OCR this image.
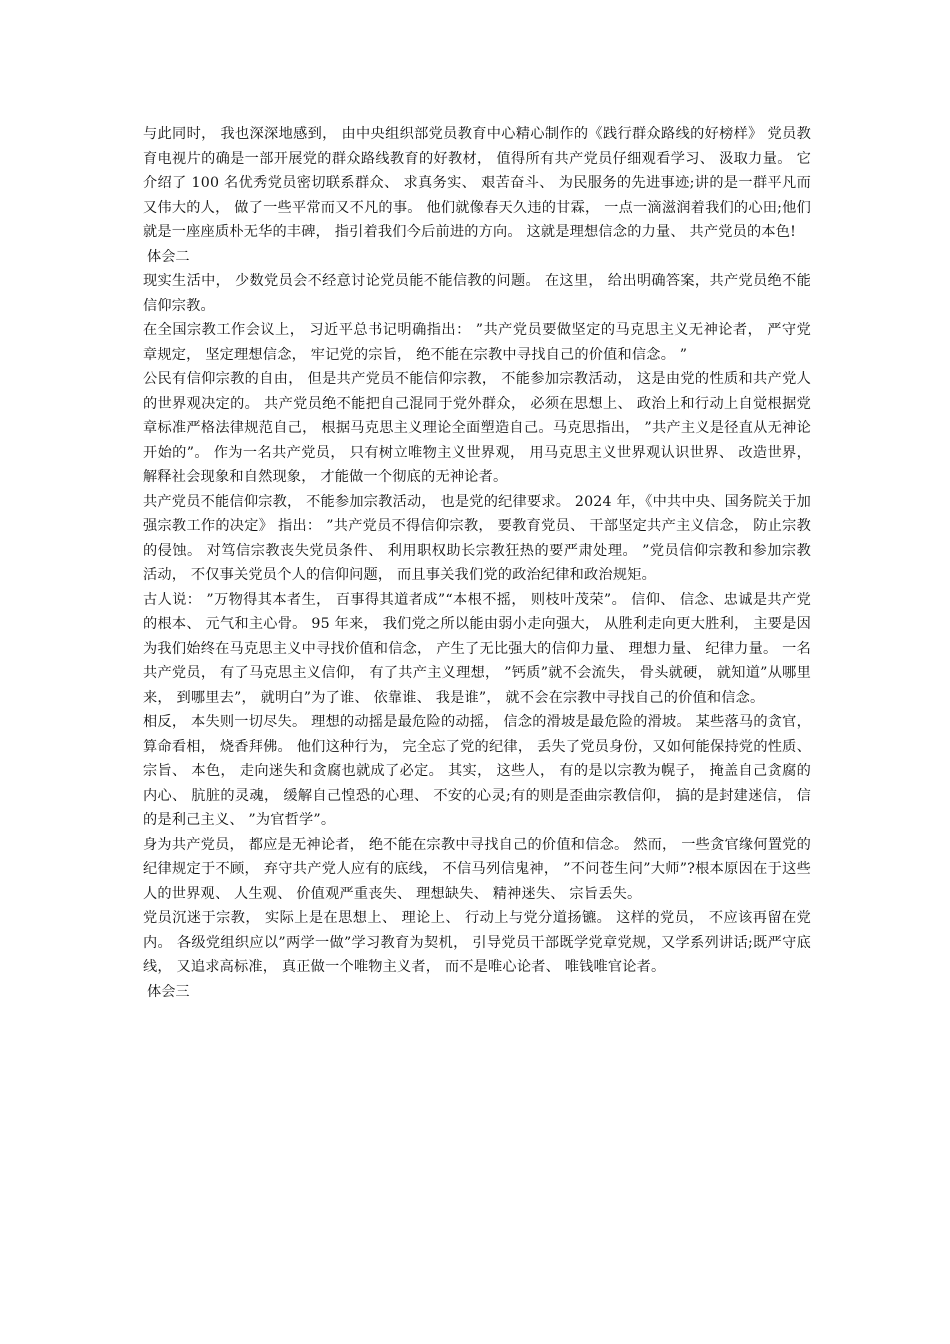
与此同时， 我也深深地感到， 由中央组织部党员教育中心精心制作的《践行群众路线的好榜样》 党员教育电视片的确是一部开展党的群众路线教育的好教材， 值得所有共产党员仔细观看学习、 汲取力量。 它介绍了 100 名优秀党员密切联系群众、 求真务实、 艰苦奋斗、 为民服务的先进事迹;讲的是一群平凡而又伟大的人， 做了一些平常而又不凡的事。 他们就像春天久违的甘霖， 一点一滴滋润着我们的心田;他们就是一座座质朴无华的丰碑， 指引着我们今后前进的方向。 这就是理想信念的力量、 共产党员的本色!

体会二

现实生活中， 少数党员会不经意讨论党员能不能信教的问题。 在这里， 给出明确答案，共产党员绝不能信仰宗教。

在全国宗教工作会议上， 习近平总书记明确指出： ”共产党员要做坚定的马克思主义无神论者， 严守党章规定， 坚定理想信念， 牢记党的宗旨， 绝不能在宗教中寻找自己的价值和信念。 ”

公民有信仰宗教的自由， 但是共产党员不能信仰宗教， 不能参加宗教活动， 这是由党的性质和共产党人的世界观决定的。 共产党员绝不能把自己混同于党外群众， 必须在思想上、 政治上和行动上自觉根据党章标准严格法律规范自己， 根据马克思主义理论全面塑造自己。马克思指出， ”共产主义是径直从无神论开始的”。 作为一名共产党员， 只有树立唯物主义世界观， 用马克思主义世界观认识世界、 改造世界， 解释社会现象和自然现象， 才能做一个彻底的无神论者。

共产党员不能信仰宗教， 不能参加宗教活动， 也是党的纪律要求。 2024 年，《中共中央、国务院关于加强宗教工作的决定》 指出： ”共产党员不得信仰宗教， 要教育党员、 干部坚定共产主义信念， 防止宗教的侵蚀。 对笃信宗教丧失党员条件、 利用职权助长宗教狂热的要严肃处理。 ”党员信仰宗教和参加宗教活动， 不仅事关党员个人的信仰问题， 而且事关我们党的政治纪律和政治规矩。

古人说： ”万物得其本者生， 百事得其道者成”“本根不摇， 则枝叶茂荣”。 信仰、 信念、忠诚是共产党的根本、 元气和主心骨。 95 年来， 我们党之所以能由弱小走向强大， 从胜利走向更大胜利， 主要是因为我们始终在马克思主义中寻找价值和信念， 产生了无比强大的信仰力量、 理想力量、 纪律力量。 一名共产党员， 有了马克思主义信仰， 有了共产主义理想， ”钙质”就不会流失， 骨头就硬， 就知道”从哪里来， 到哪里去”， 就明白”为了谁、 依靠谁、 我是谁”， 就不会在宗教中寻找自己的价值和信念。

相反， 本失则一切尽失。 理想的动摇是最危险的动摇， 信念的滑坡是最危险的滑坡。 某些落马的贪官， 算命看相， 烧香拜佛。 他们这种行为， 完全忘了党的纪律， 丢失了党员身份，又如何能保持党的性质、 宗旨、 本色， 走向迷失和贪腐也就成了必定。 其实， 这些人， 有的是以宗教为幌子， 掩盖自己贪腐的内心、 肮脏的灵魂， 缓解自己惶恐的心理、 不安的心灵;有的则是歪曲宗教信仰， 搞的是封建迷信， 信的是利己主义、 ”为官哲学”。

身为共产党员， 都应是无神论者， 绝不能在宗教中寻找自己的价值和信念。 然而， 一些贪官缘何置党的纪律规定于不顾， 弃守共产党人应有的底线， 不信马列信鬼神， ”不问苍生问”大师”?根本原因在于这些人的世界观、 人生观、 价值观严重丧失、 理想缺失、 精神迷失、 宗旨丢失。

党员沉迷于宗教， 实际上是在思想上、 理论上、 行动上与党分道扬镳。 这样的党员， 不应该再留在党内。 各级党组织应以”两学一做”学习教育为契机， 引导党员干部既学党章党规，又学系列讲话;既严守底线， 又追求高标准， 真正做一个唯物主义者， 而不是唯心论者、 唯钱唯官论者。

体会三
